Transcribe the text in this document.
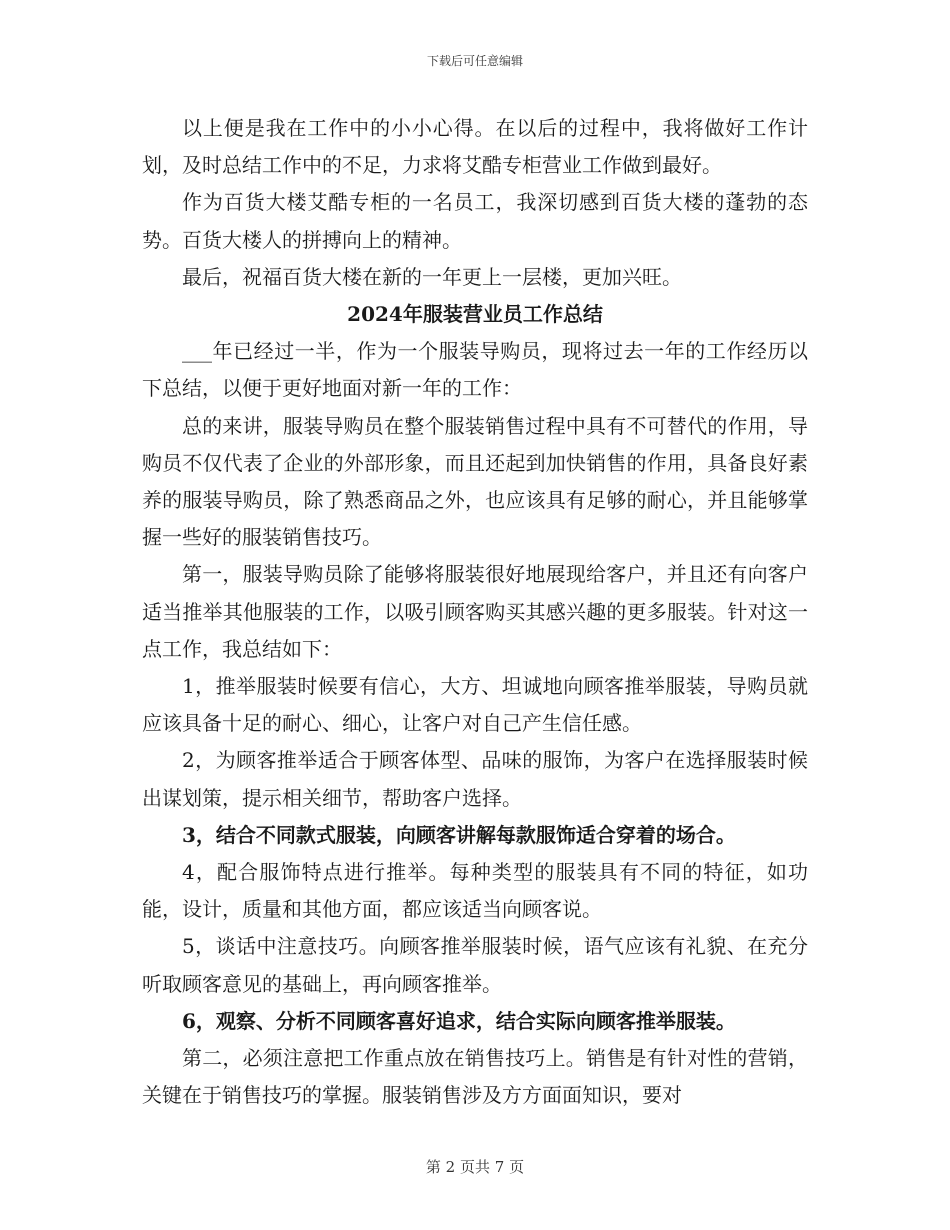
下载后可任意编辑

以上便是我在工作中的小小心得。在以后的过程中，我将做好工作计划，及时总结工作中的不足，力求将艾酷专柜营业工作做到最好。

作为百货大楼艾酷专柜的一名员工，我深切感到百货大楼的蓬勃的态势。百货大楼人的拼搏向上的精神。

最后，祝福百货大楼在新的一年更上一层楼，更加兴旺。

2024年服装营业员工作总结

___年已经过一半，作为一个服装导购员，现将过去一年的工作经历以下总结，以便于更好地面对新一年的工作：

总的来讲，服装导购员在整个服装销售过程中具有不可替代的作用，导购员不仅代表了企业的外部形象，而且还起到加快销售的作用，具备良好素养的服装导购员，除了熟悉商品之外，也应该具有足够的耐心，并且能够掌握一些好的服装销售技巧。

第一，服装导购员除了能够将服装很好地展现给客户，并且还有向客户适当推举其他服装的工作，以吸引顾客购买其感兴趣的更多服装。针对这一点工作，我总结如下：

1，推举服装时候要有信心，大方、坦诚地向顾客推举服装，导购员就应该具备十足的耐心、细心，让客户对自己产生信任感。

2，为顾客推举适合于顾客体型、品味的服饰，为客户在选择服装时候出谋划策，提示相关细节，帮助客户选择。

3，结合不同款式服装，向顾客讲解每款服饰适合穿着的场合。

4，配合服饰特点进行推举。每种类型的服装具有不同的特征，如功能，设计，质量和其他方面，都应该适当向顾客说。

5，谈话中注意技巧。向顾客推举服装时候，语气应该有礼貌、在充分听取顾客意见的基础上，再向顾客推举。

6，观察、分析不同顾客喜好追求，结合实际向顾客推举服装。

第二，必须注意把工作重点放在销售技巧上。销售是有针对性的营销，关键在于销售技巧的掌握。服装销售涉及方方面面知识，要对

第 2 页共 7 页
